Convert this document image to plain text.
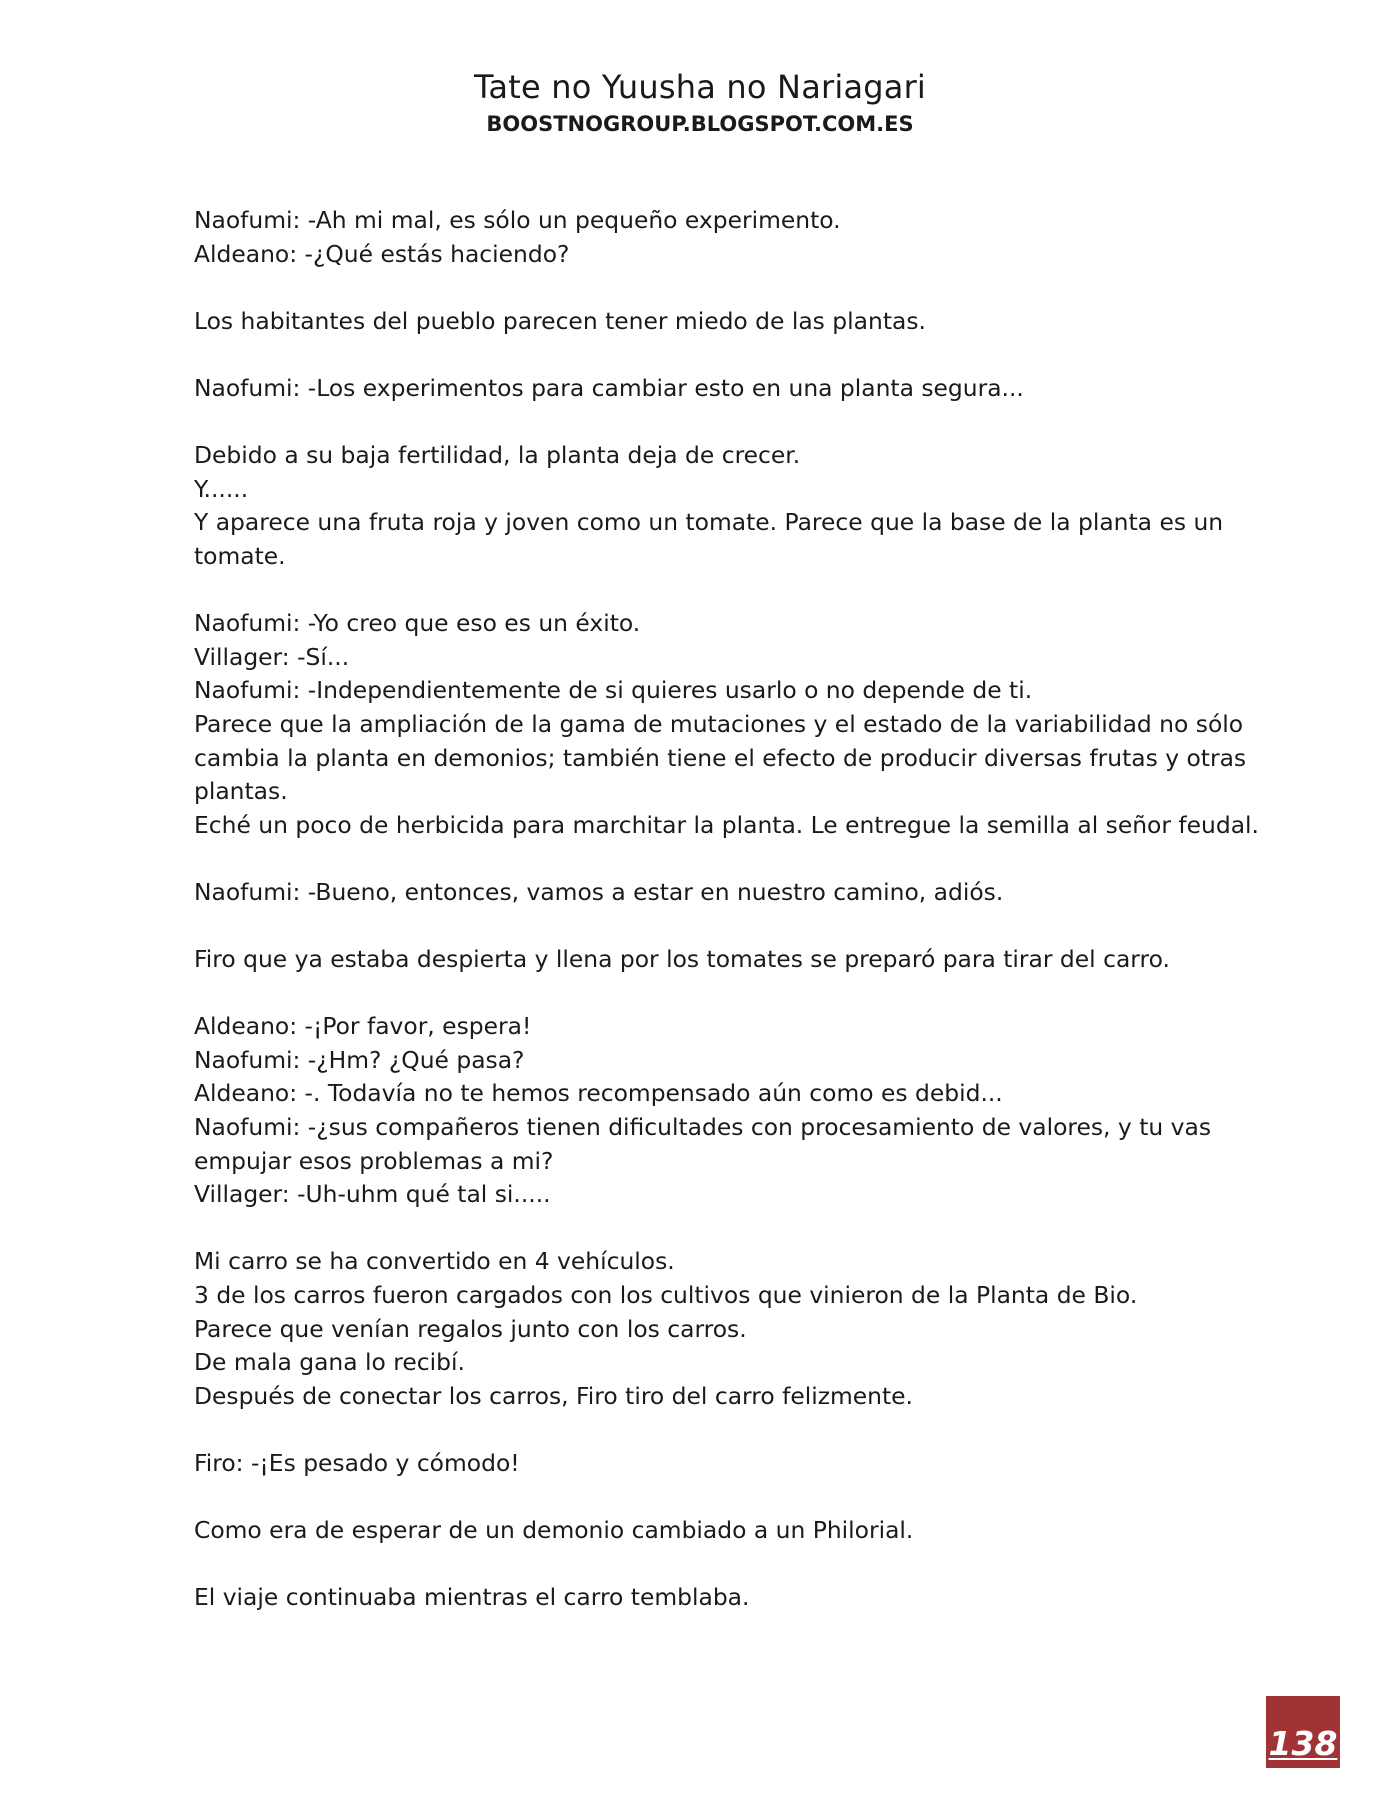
Tate no Yuusha no Nariagari
BOOSTNOGROUP.BLOGSPOT.COM.ES
Naofumi: -Ah mi mal, es sólo un pequeño experimento.
Aldeano: -¿Qué estás haciendo?
Los habitantes del pueblo parecen tener miedo de las plantas.
Naofumi: -Los experimentos para cambiar esto en una planta segura...
Debido a su baja fertilidad, la planta deja de crecer.
Y......
Y aparece una fruta roja y joven como un tomate. Parece que la base de la planta es un
tomate.
Naofumi: -Yo creo que eso es un éxito.
Villager: -Sí...
Naofumi: -Independientemente de si quieres usarlo o no depende de ti.
Parece que la ampliación de la gama de mutaciones y el estado de la variabilidad no sólo
cambia la planta en demonios; también tiene el efecto de producir diversas frutas y otras
plantas.
Eché un poco de herbicida para marchitar la planta. Le entregue la semilla al señor feudal.
Naofumi: -Bueno, entonces, vamos a estar en nuestro camino, adiós.
Firo que ya estaba despierta y llena por los tomates se preparó para tirar del carro.
Aldeano: -¡Por favor, espera!
Naofumi: -¿Hm? ¿Qué pasa?
Aldeano: -. Todavía no te hemos recompensado aún como es debid...
Naofumi: -¿sus compañeros tienen dificultades con procesamiento de valores, y tu vas
empujar esos problemas a mi?
Villager: -Uh-uhm qué tal si.....
Mi carro se ha convertido en 4 vehículos.
3 de los carros fueron cargados con los cultivos que vinieron de la Planta de Bio.
Parece que venían regalos junto con los carros.
De mala gana lo recibí.
Después de conectar los carros, Firo tiro del carro felizmente.
Firo: -¡Es pesado y cómodo!
Como era de esperar de un demonio cambiado a un Philorial.
El viaje continuaba mientras el carro temblaba.
138
